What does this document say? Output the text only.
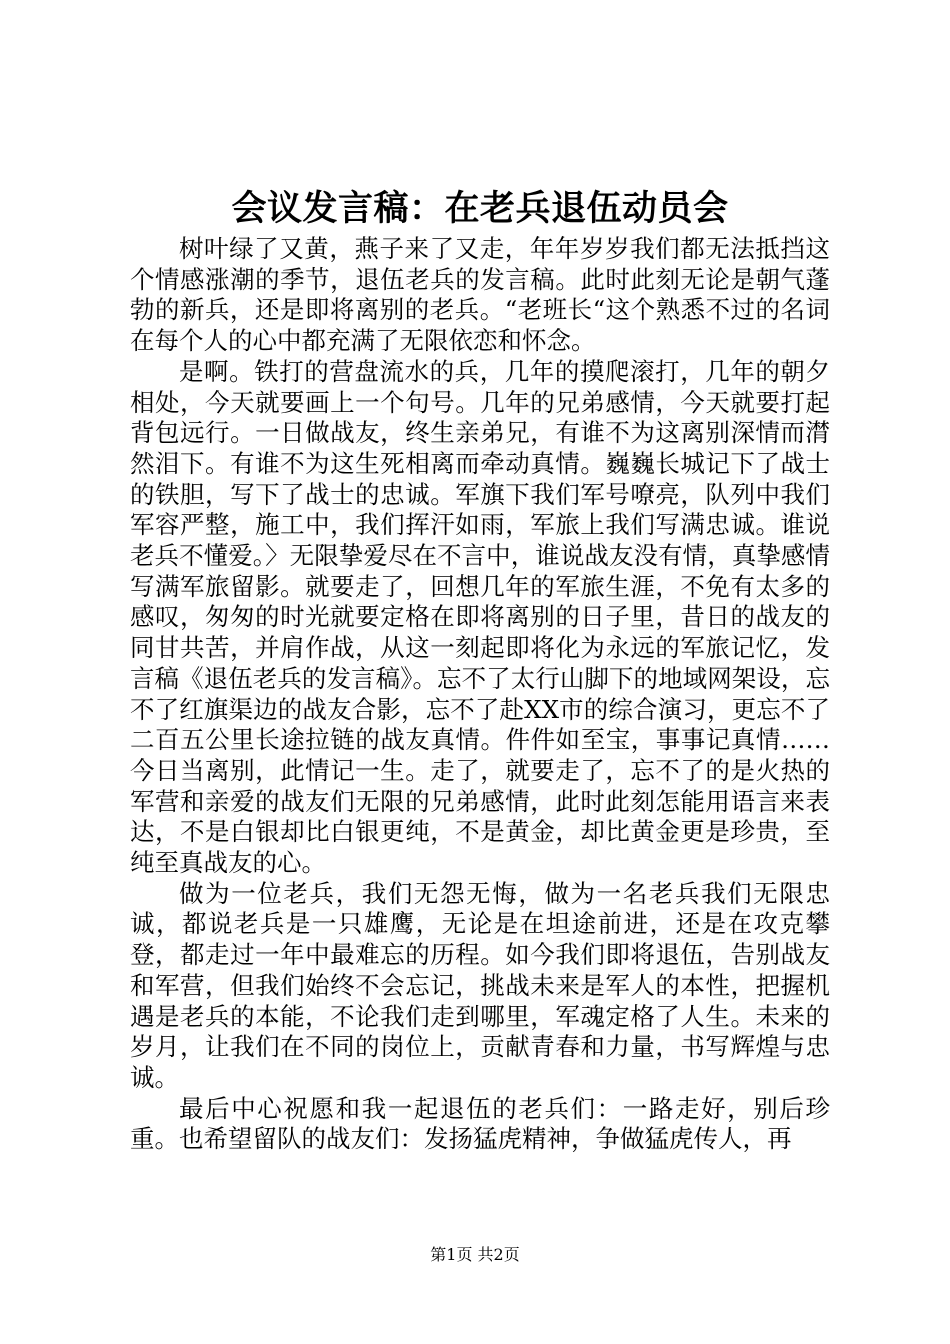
会议发言稿：在老兵退伍动员会

树叶绿了又黄，燕子来了又走，年年岁岁我们都无法抵挡这个情感涨潮的季节，退伍老兵的发言稿。此时此刻无论是朝气蓬勃的新兵，还是即将离别的老兵。“老班长“这个熟悉不过的名词在每个人的心中都充满了无限依恋和怀念。

是啊。铁打的营盘流水的兵，几年的摸爬滚打，几年的朝夕相处，今天就要画上一个句号。几年的兄弟感情，今天就要打起背包远行。一日做战友，终生亲弟兄，有谁不为这离别深情而潸然泪下。有谁不为这生死相离而牵动真情。巍巍长城记下了战士的铁胆，写下了战士的忠诚。军旗下我们军号嘹亮，队列中我们军容严整，施工中，我们挥汗如雨，军旅上我们写满忠诚。谁说老兵不懂爱。〉无限挚爱尽在不言中，谁说战友没有情，真挚感情写满军旅留影。就要走了，回想几年的军旅生涯，不免有太多的感叹，匆匆的时光就要定格在即将离别的日子里，昔日的战友的同甘共苦，并肩作战，从这一刻起即将化为永远的军旅记忆，发言稿《退伍老兵的发言稿》。忘不了太行山脚下的地域网架设，忘不了红旗渠边的战友合影，忘不了赴XX市的综合演习，更忘不了二百五公里长途拉链的战友真情。件件如至宝，事事记真情……今日当离别，此情记一生。走了，就要走了，忘不了的是火热的军营和亲爱的战友们无限的兄弟感情，此时此刻怎能用语言来表达，不是白银却比白银更纯，不是黄金，却比黄金更是珍贵，至纯至真战友的心。

做为一位老兵，我们无怨无悔，做为一名老兵我们无限忠诚，都说老兵是一只雄鹰，无论是在坦途前进，还是在攻克攀登，都走过一年中最难忘的历程。如今我们即将退伍，告别战友和军营，但我们始终不会忘记，挑战未来是军人的本性，把握机遇是老兵的本能，不论我们走到哪里，军魂定格了人生。未来的岁月，让我们在不同的岗位上，贡献青春和力量，书写辉煌与忠诚。

最后中心祝愿和我一起退伍的老兵们：一路走好，别后珍重。也希望留队的战友们：发扬猛虎精神，争做猛虎传人，再

第1页 共2页
